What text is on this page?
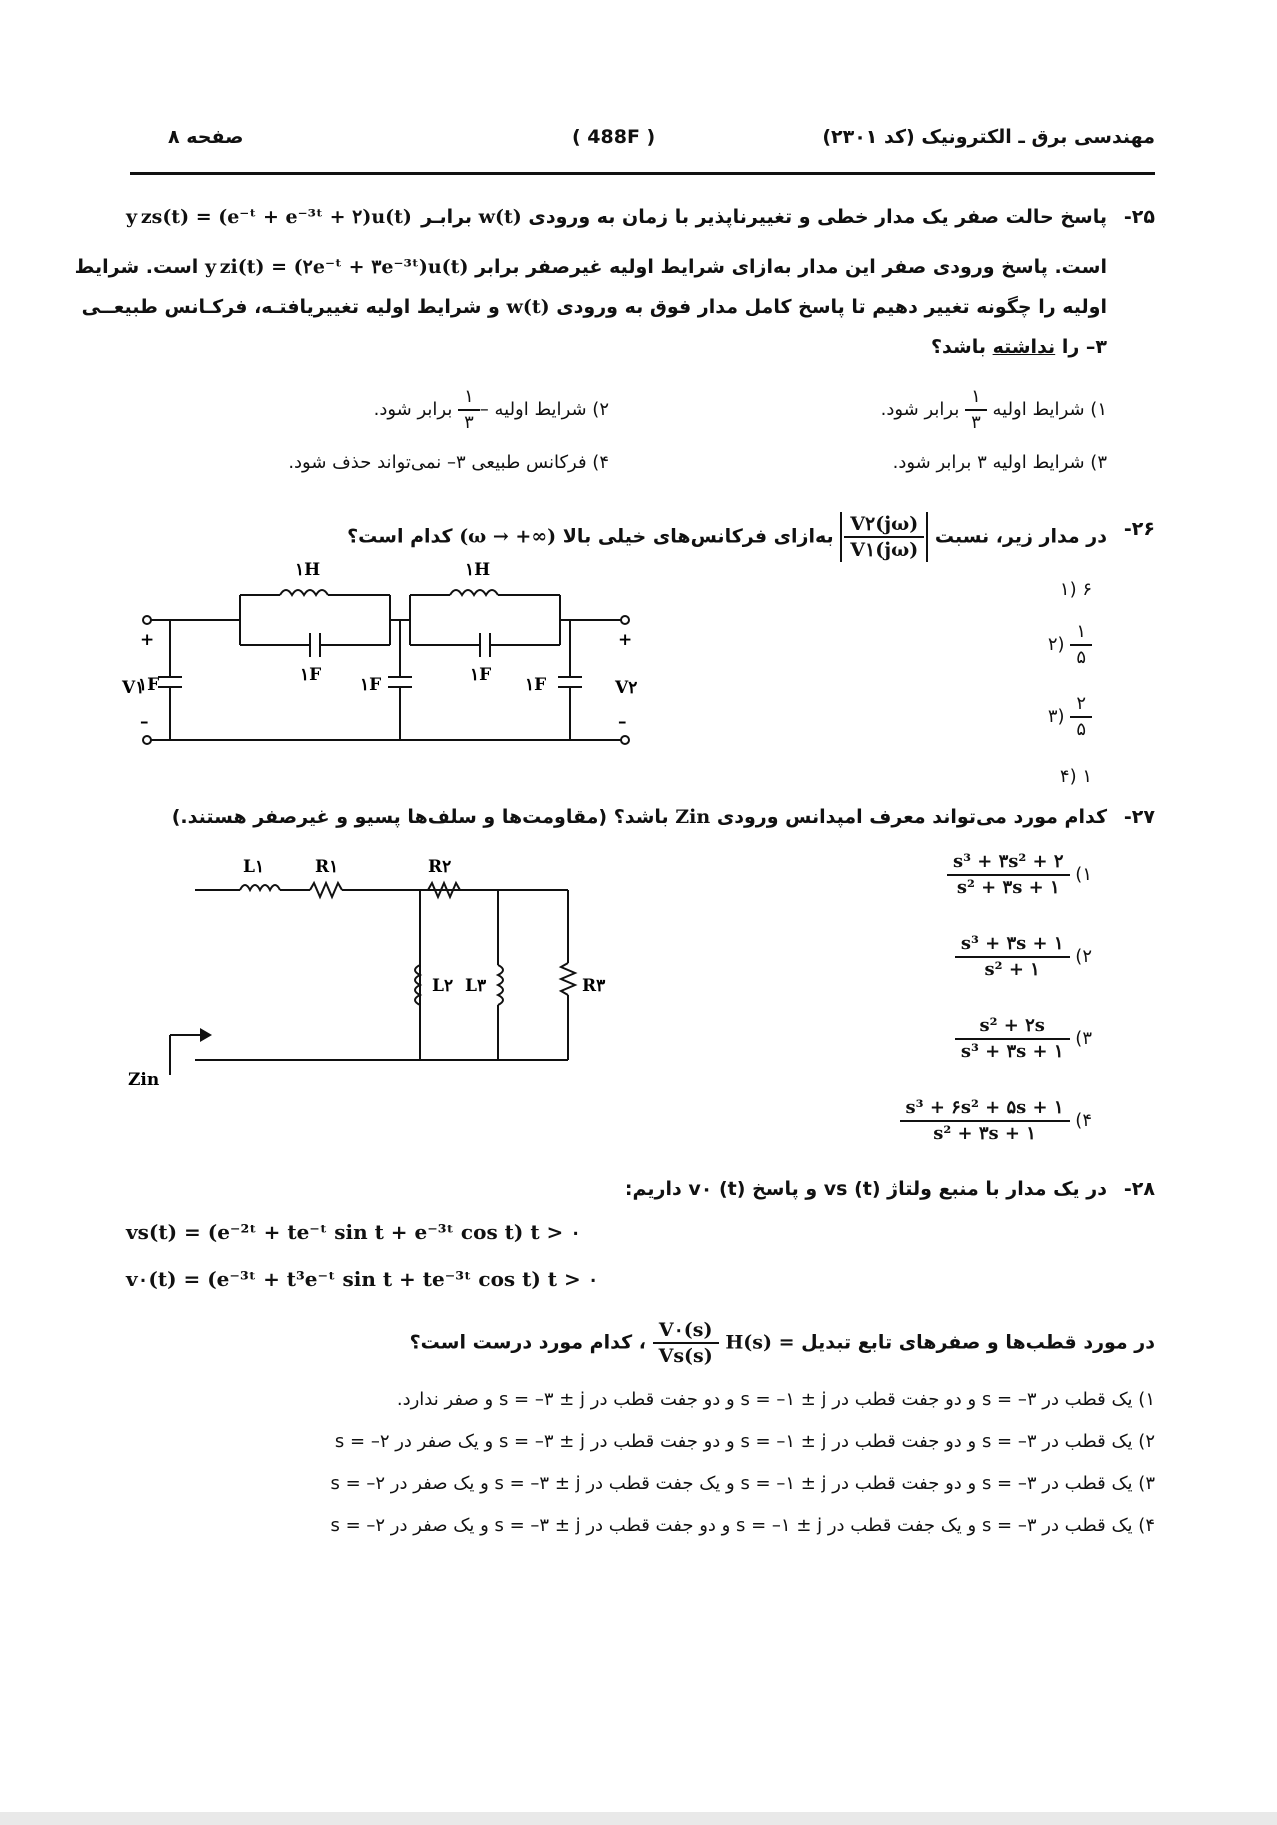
مهندسی برق ـ الکترونیک (کد ۲۳۰۱)
( 488F )
صفحه ۸
-۲۵
پاسخ حالت صفر یک مدار خطی و تغییرناپذیر با زمان به ورودی w(t) برابـر
y zs(t) = (e⁻ᵗ + e⁻³ᵗ + ۲)u(t)
است. پاسخ ورودی صفر این مدار به‌ازای شرایط اولیه غیرصفر برابر y zi(t) = (۲e⁻ᵗ + ۳e⁻³ᵗ)u(t) است. شرایط
اولیه را چگونه تغییر دهیم تا پاسخ کامل مدار فوق به ورودی w(t) و شرایط اولیه تغییریافتـه، فرکـانس طبیعــی
۳– را نداشته باشد؟
۱) شرایط اولیه
$\frac{۱}{۳}$
برابر شود.
۲) شرایط اولیه –
$\frac{۱}{۳}$
برابر شود.
۳) شرایط اولیه ۳ برابر شود.
۴) فرکانس طبیعی ۳– نمی‌تواند حذف شود.
-۲۶
در مدار زیر، نسبت
$\frac{V۲(j\omega)}{V۱(j\omega)}$
به‌ازای فرکانس‌های خیلی بالا (ω → +∞) کدام است؟
۱) ۶
۲) $\frac{۱}{۵}$
۳) $\frac{۲}{۵}$
۴) ۱
۱H	۱H
۱F	۱F
۱F	۱F	۱F
V۱	V۲
+	+
–	–
-۲۷
کدام مورد می‌تواند معرف امپدانس ورودی Zin باشد؟ (مقاومت‌ها و سلف‌ها پسیو و غیرصفر هستند.)
۱)
$\frac{\text{s³ + ۳s² + ۲}}{\text{s² + ۳s + ۱}}$
۲)
$\frac{\text{s³ + ۳s + ۱}}{\text{s² + ۱}}$
۳)
$\frac{\text{s² + ۲s}}{\text{s³ + ۳s + ۱}}$
۴)
$\frac{\text{s³ + ۶s² + ۵s + ۱}}{\text{s² + ۳s + ۱}}$
L۱	R۱	R۲
L۲ L۳	R۳
Zin
-۲۸
در یک مدار با منبع ولتاژ (t) vs و پاسخ (t) v۰ داریم:
vs(t) = (e⁻²ᵗ + te⁻ᵗ sin t + e⁻³ᵗ cos t) t > ۰
v۰(t) = (e⁻³ᵗ + t³e⁻ᵗ sin t + te⁻³ᵗ cos t) t > ۰
در مورد قطب‌ها و صفرهای تابع تبدیل H(s) =
$\frac{V۰(s)}{Vs(s)}$
، کدام مورد درست است؟
۱) یک قطب در s = –۳ و دو جفت قطب در s = –۱ ± j و دو جفت قطب در s = –۳ ± j و صفر ندارد.
۲) یک قطب در s = –۳ و دو جفت قطب در s = –۱ ± j و دو جفت قطب در s = –۳ ± j و یک صفر در s = –۲
۳) یک قطب در s = –۳ و دو جفت قطب در s = –۱ ± j و یک جفت قطب در s = –۳ ± j و یک صفر در s = –۲
۴) یک قطب در s = –۳ و یک جفت قطب در s = –۱ ± j و دو جفت قطب در s = –۳ ± j و یک صفر در s = –۲
